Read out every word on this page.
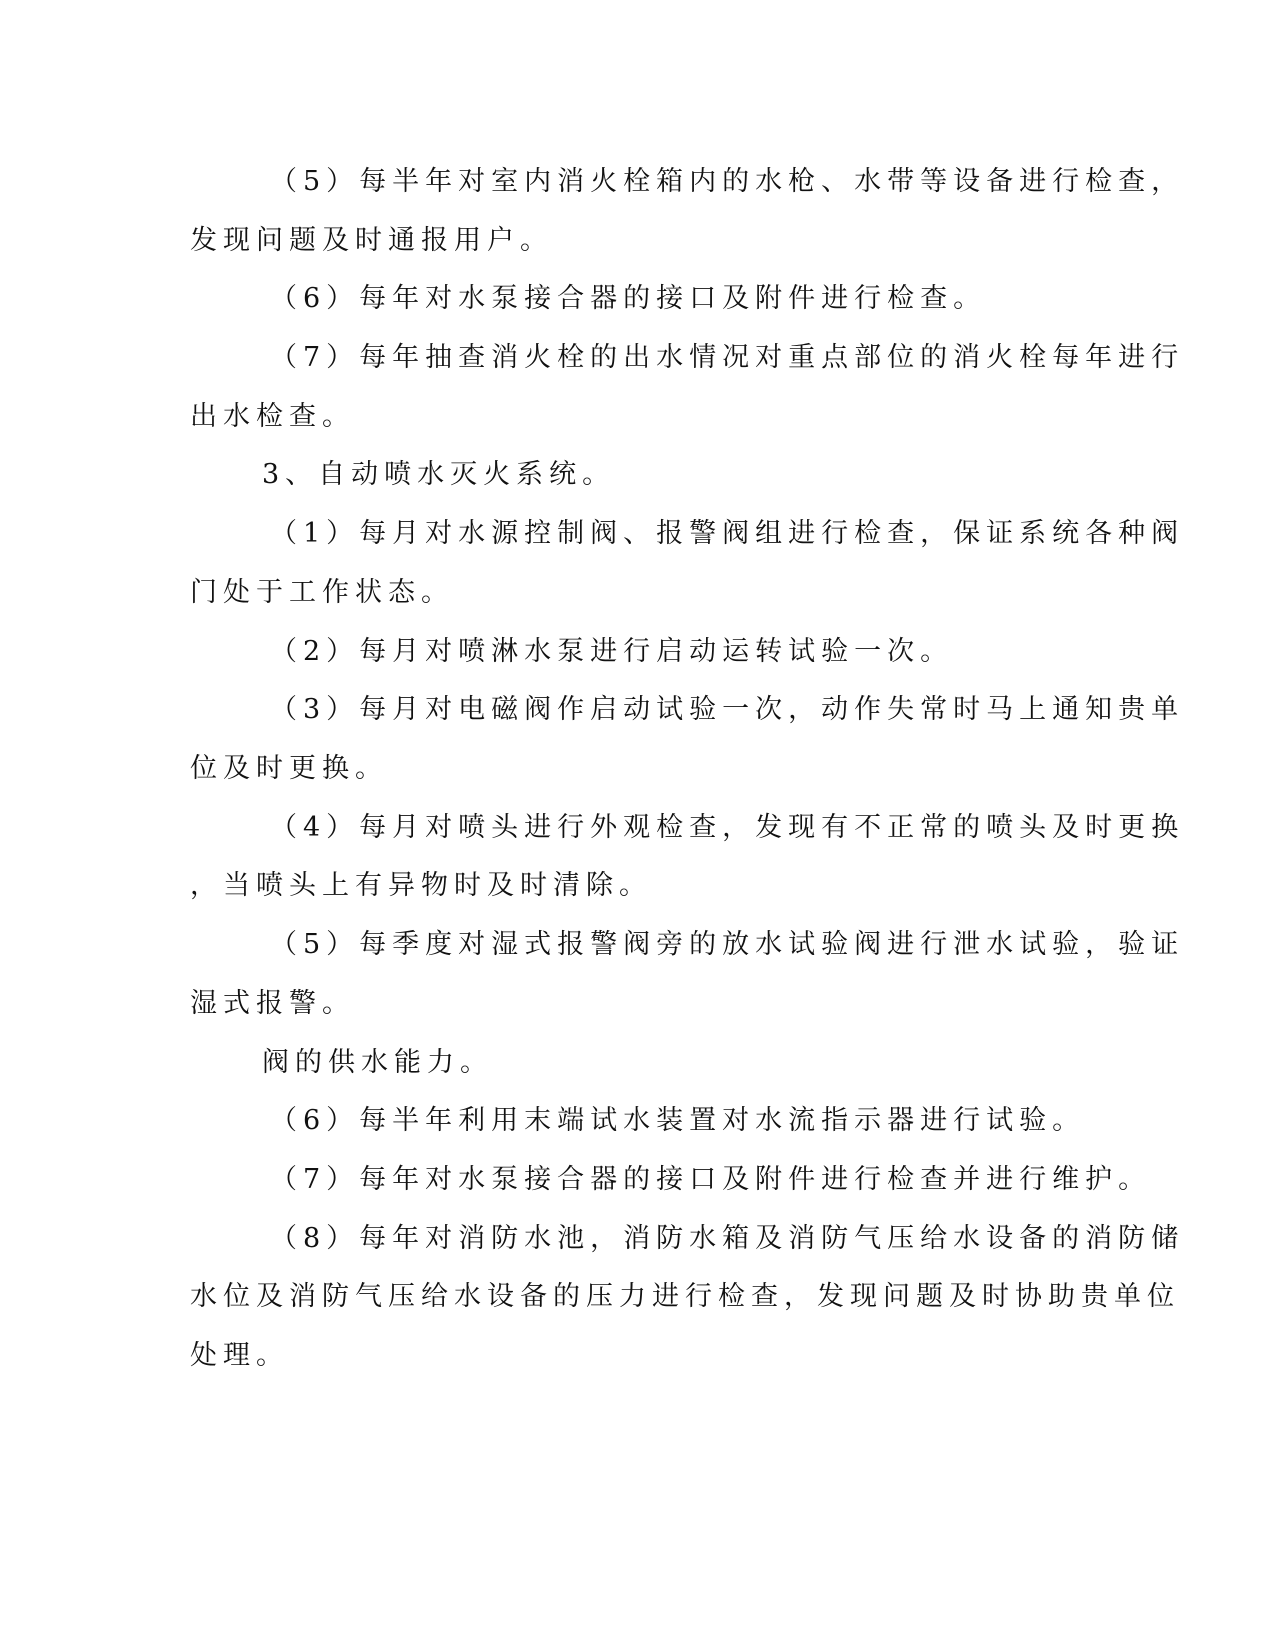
（5）每半年对室内消火栓箱内的水枪、水带等设备进行检查，
发现问题及时通报用户。
（6）每年对水泵接合器的接口及附件进行检查。
（7）每年抽查消火栓的出水情况对重点部位的消火栓每年进行
出水检查。
3、自动喷水灭火系统。
（1）每月对水源控制阀、报警阀组进行检查，保证系统各种阀
门处于工作状态。
（2）每月对喷淋水泵进行启动运转试验一次。
（3）每月对电磁阀作启动试验一次，动作失常时马上通知贵单
位及时更换。
（4）每月对喷头进行外观检查，发现有不正常的喷头及时更换
，当喷头上有异物时及时清除。
（5）每季度对湿式报警阀旁的放水试验阀进行泄水试验，验证
湿式报警。
阀的供水能力。
（6）每半年利用末端试水装置对水流指示器进行试验。
（7）每年对水泵接合器的接口及附件进行检查并进行维护。
（8）每年对消防水池，消防水箱及消防气压给水设备的消防储
水位及消防气压给水设备的压力进行检查，发现问题及时协助贵单位
处理。
